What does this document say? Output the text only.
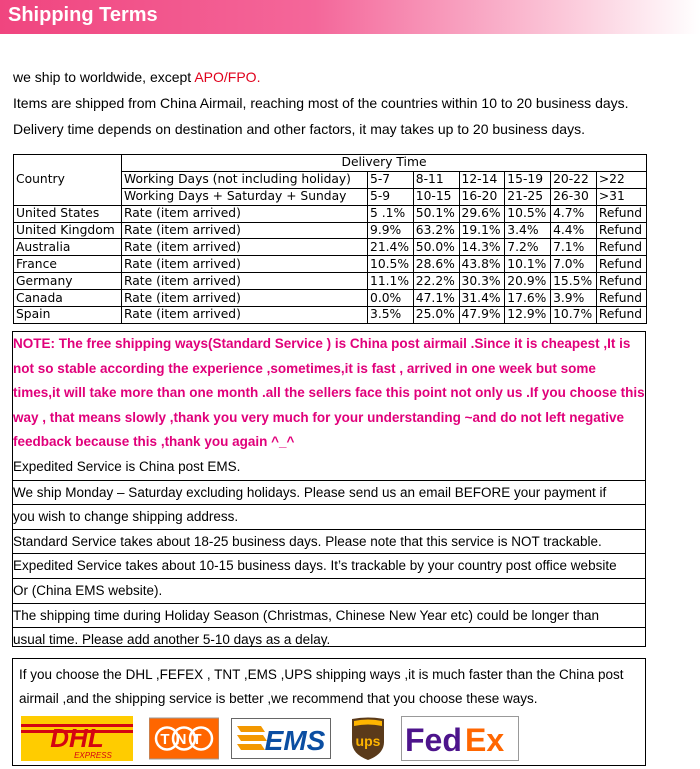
Shipping Terms

we ship to worldwide, except APO/FPO.

Items are shipped from China Airmail, reaching most of the countries within 10 to 20 business days.

Delivery time depends on destination and other factors, it may takes up to 20 business days.

Country	Delivery Time						
	Working Days (not including holiday)	5-7	8-11	12-14	15-19	20-22	>22
	Working Days + Saturday + Sunday	5-9	10-15	16-20	21-25	26-30	>31
United States	Rate (item arrived)	5 .1%	50.1%	29.6%	10.5%	4.7%	Refund
United Kingdom	Rate (item arrived)	9.9%	63.2%	19.1%	3.4%	4.4%	Refund
Australia	Rate (item arrived)	21.4%	50.0%	14.3%	7.2%	7.1%	Refund
France	Rate (item arrived)	10.5%	28.6%	43.8%	10.1%	7.0%	Refund
Germany	Rate (item arrived)	11.1%	22.2%	30.3%	20.9%	15.5%	Refund
Canada	Rate (item arrived)	0.0%	47.1%	31.4%	17.6%	3.9%	Refund
Spain	Rate (item arrived)	3.5%	25.0%	47.9%	12.9%	10.7%	Refund
NOTE: The free shipping ways(Standard Service ) is China post airmail .Since it is cheapest ,It is not so stable according the experience ,sometimes,it is fast , arrived in one week but some times,it will take more than one month .all the sellers face this point not only us .If you choose this way , that means slowly ,thank you very much for your understanding ~and do not left negative feedback because this ,thank you again ^_^
Expedited Service is China post EMS.
We ship Monday – Saturday excluding holidays. Please send us an email BEFORE your payment if
you wish to change shipping address.
Standard Service takes about 18-25 business days. Please note that this service is NOT trackable.
Expedited Service takes about 10-15 business days. It’s trackable by your country post office website
Or (China EMS website).
The shipping time during Holiday Season (Christmas, Chinese New Year etc) could be longer than
usual time. Please add another 5-10 days as a delay.
If you choose the DHL ,FEFEX , TNT ,EMS ,UPS shipping ways ,it is much faster than the China post airmail ,and the shipping service is better ,we recommend that you choose these ways.
DHL
EXPRESS
TNT EMS ups Fed Ex
